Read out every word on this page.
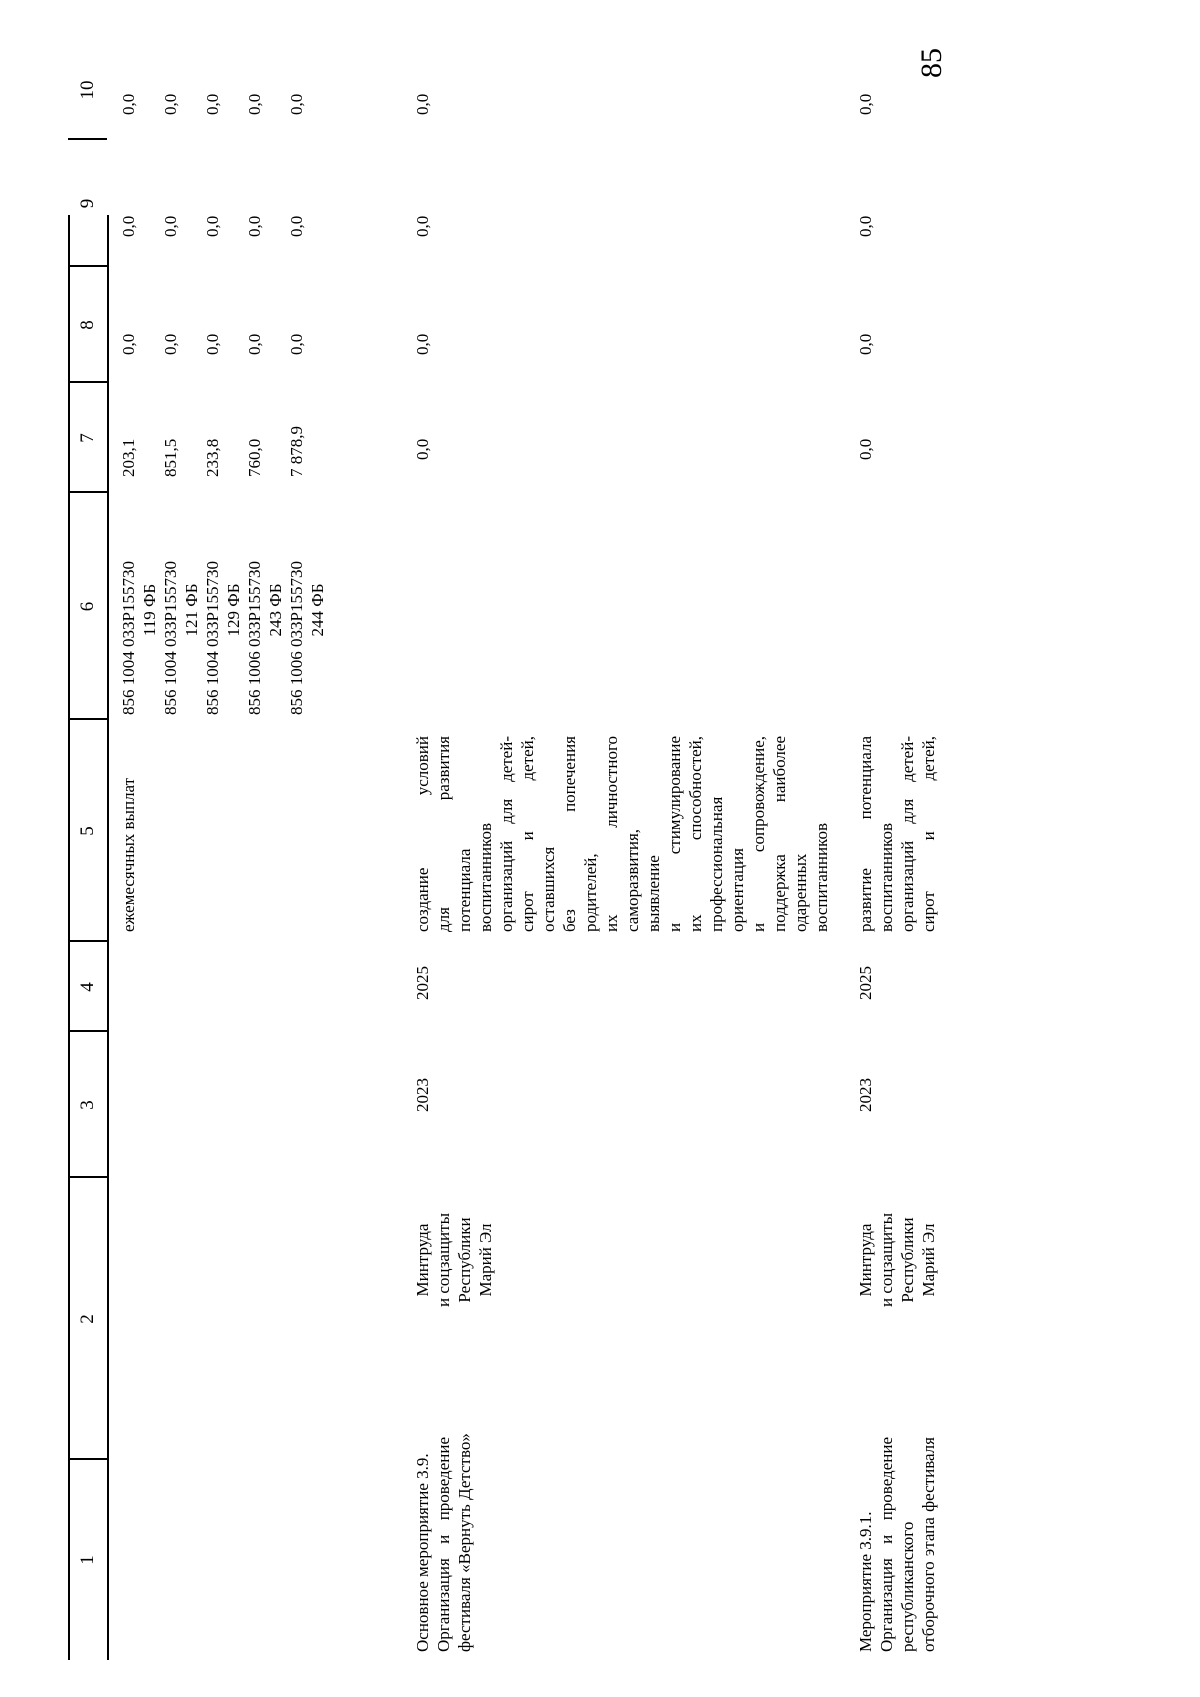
85
1
2
3
4
5
6
7
8
9
10
ежемесячных выплат
856 1004 033P155730 119 ФБ 856 1004 033P155730 121 ФБ 856 1004 033P155730 129 ФБ 856 1006 033P155730 243 ФБ 856 1006 033P155730 244 ФБ
203,1 851,5 233,8 760,0 7 878,9
0,0 0,0 0,0 0,0 0,0
0,0 0,0 0,0 0,0 0,0
0,0 0,0 0,0 0,0 0,0
Основное мероприятие 3.9. Организация и проведение фестиваля «Вернуть Детство»
Минтруда и соцзащиты Республики Марий Эл
2023
2025
создание условий для развития потенциала воспитанников организаций для детей- сирот и детей, оставшихся без попечения родителей, их личностного саморазвития, выявление и стимулирование их способностей, профессиональная ориентация и сопровождение, поддержка наиболее одаренных воспитанников
0,0
0,0
0,0
0,0
Мероприятие 3.9.1. Организация и проведение республиканского отборочного этапа фестиваля
Минтруда и соцзащиты Республики Марий Эл
2023
2025
развитие потенциала воспитанников организаций для детей- сирот и детей,
0,0
0,0
0,0
0,0
